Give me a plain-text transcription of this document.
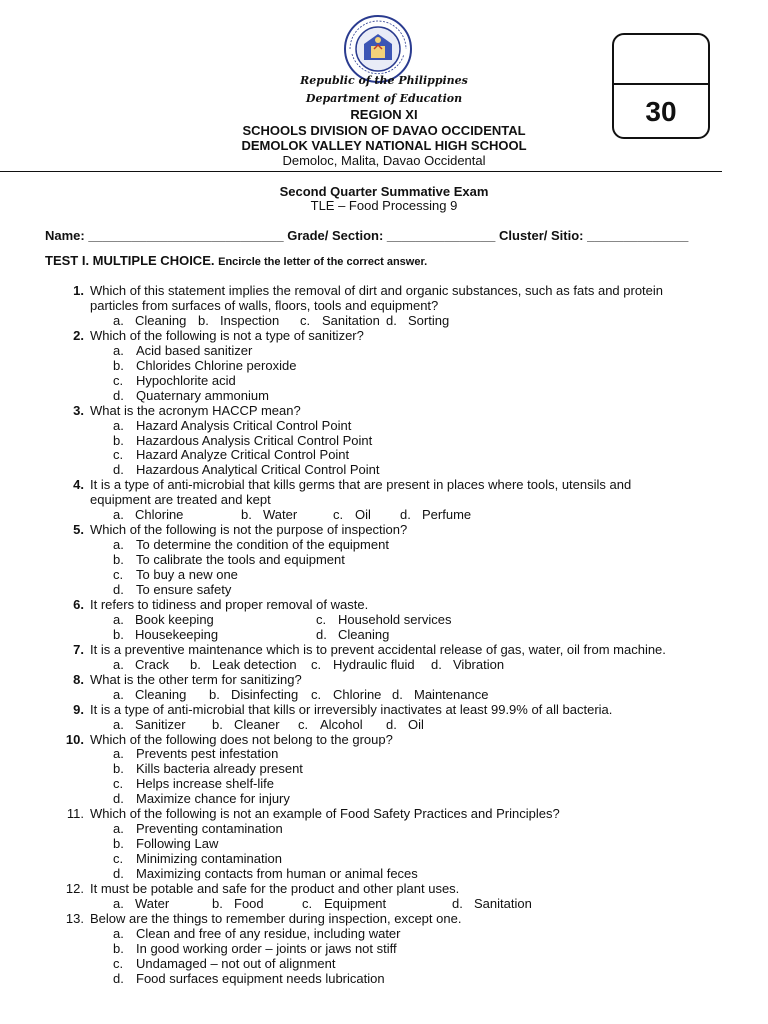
30
Republic of the Philippines
Department of Education
REGION XI
SCHOOLS DIVISION OF DAVAO OCCIDENTAL
DEMOLOK VALLEY NATIONAL HIGH SCHOOL
Demoloc, Malita, Davao Occidental
Second Quarter Summative Exam
TLE – Food Processing 9
Name: ___________________________ Grade/ Section: _______________ Cluster/ Sitio: ______________
TEST I. MULTIPLE CHOICE. Encircle the letter of the correct answer.
1. Which of this statement implies the removal of dirt and organic substances, such as fats and protein
particles from surfaces of walls, floors, tools and equipment?
a. Cleaning b. Inspection c. Sanitation d. Sorting
2. Which of the following is not a type of sanitizer?
a. Acid based sanitizer
b. Chlorides Chlorine peroxide
c. Hypochlorite acid
d. Quaternary ammonium
3. What is the acronym HACCP mean?
a. Hazard Analysis Critical Control Point
b. Hazardous Analysis Critical Control Point
c. Hazard Analyze Critical Control Point
d. Hazardous Analytical Critical Control Point
4. It is a type of anti-microbial that kills germs that are present in places where tools, utensils and
equipment are treated and kept
a. Chlorine	b. Water	c. Oil d. Perfume
5. Which of the following is not the purpose of inspection?
a. To determine the condition of the equipment
b. To calibrate the tools and equipment
c. To buy a new one
d. To ensure safety
6. It refers to tidiness and proper removal of waste.
a. Book keeping	c. Household services
b. Housekeeping	d. Cleaning
7. It is a preventive maintenance which is to prevent accidental release of gas, water, oil from machine.
a. Crack b. Leak detection c. Hydraulic fluid d. Vibration
8. What is the other term for sanitizing?
a. Cleaning b. Disinfecting c. Chlorine d. Maintenance
9. It is a type of anti-microbial that kills or irreversibly inactivates at least 99.9% of all bacteria.
a. Sanitizer b. Cleaner c. Alcohol d. Oil
10. Which of the following does not belong to the group?
a. Prevents pest infestation
b. Kills bacteria already present
c. Helps increase shelf-life
d. Maximize chance for injury
11. Which of the following is not an example of Food Safety Practices and Principles?
a. Preventing contamination
b. Following Law
c. Minimizing contamination
d. Maximizing contacts from human or animal feces
12. It must be potable and safe for the product and other plant uses.
a. Water	b. Food	c. Equipment	d. Sanitation
13. Below are the things to remember during inspection, except one.
a. Clean and free of any residue, including water
b. In good working order – joints or jaws not stiff
c. Undamaged – not out of alignment
d. Food surfaces equipment needs lubrication
